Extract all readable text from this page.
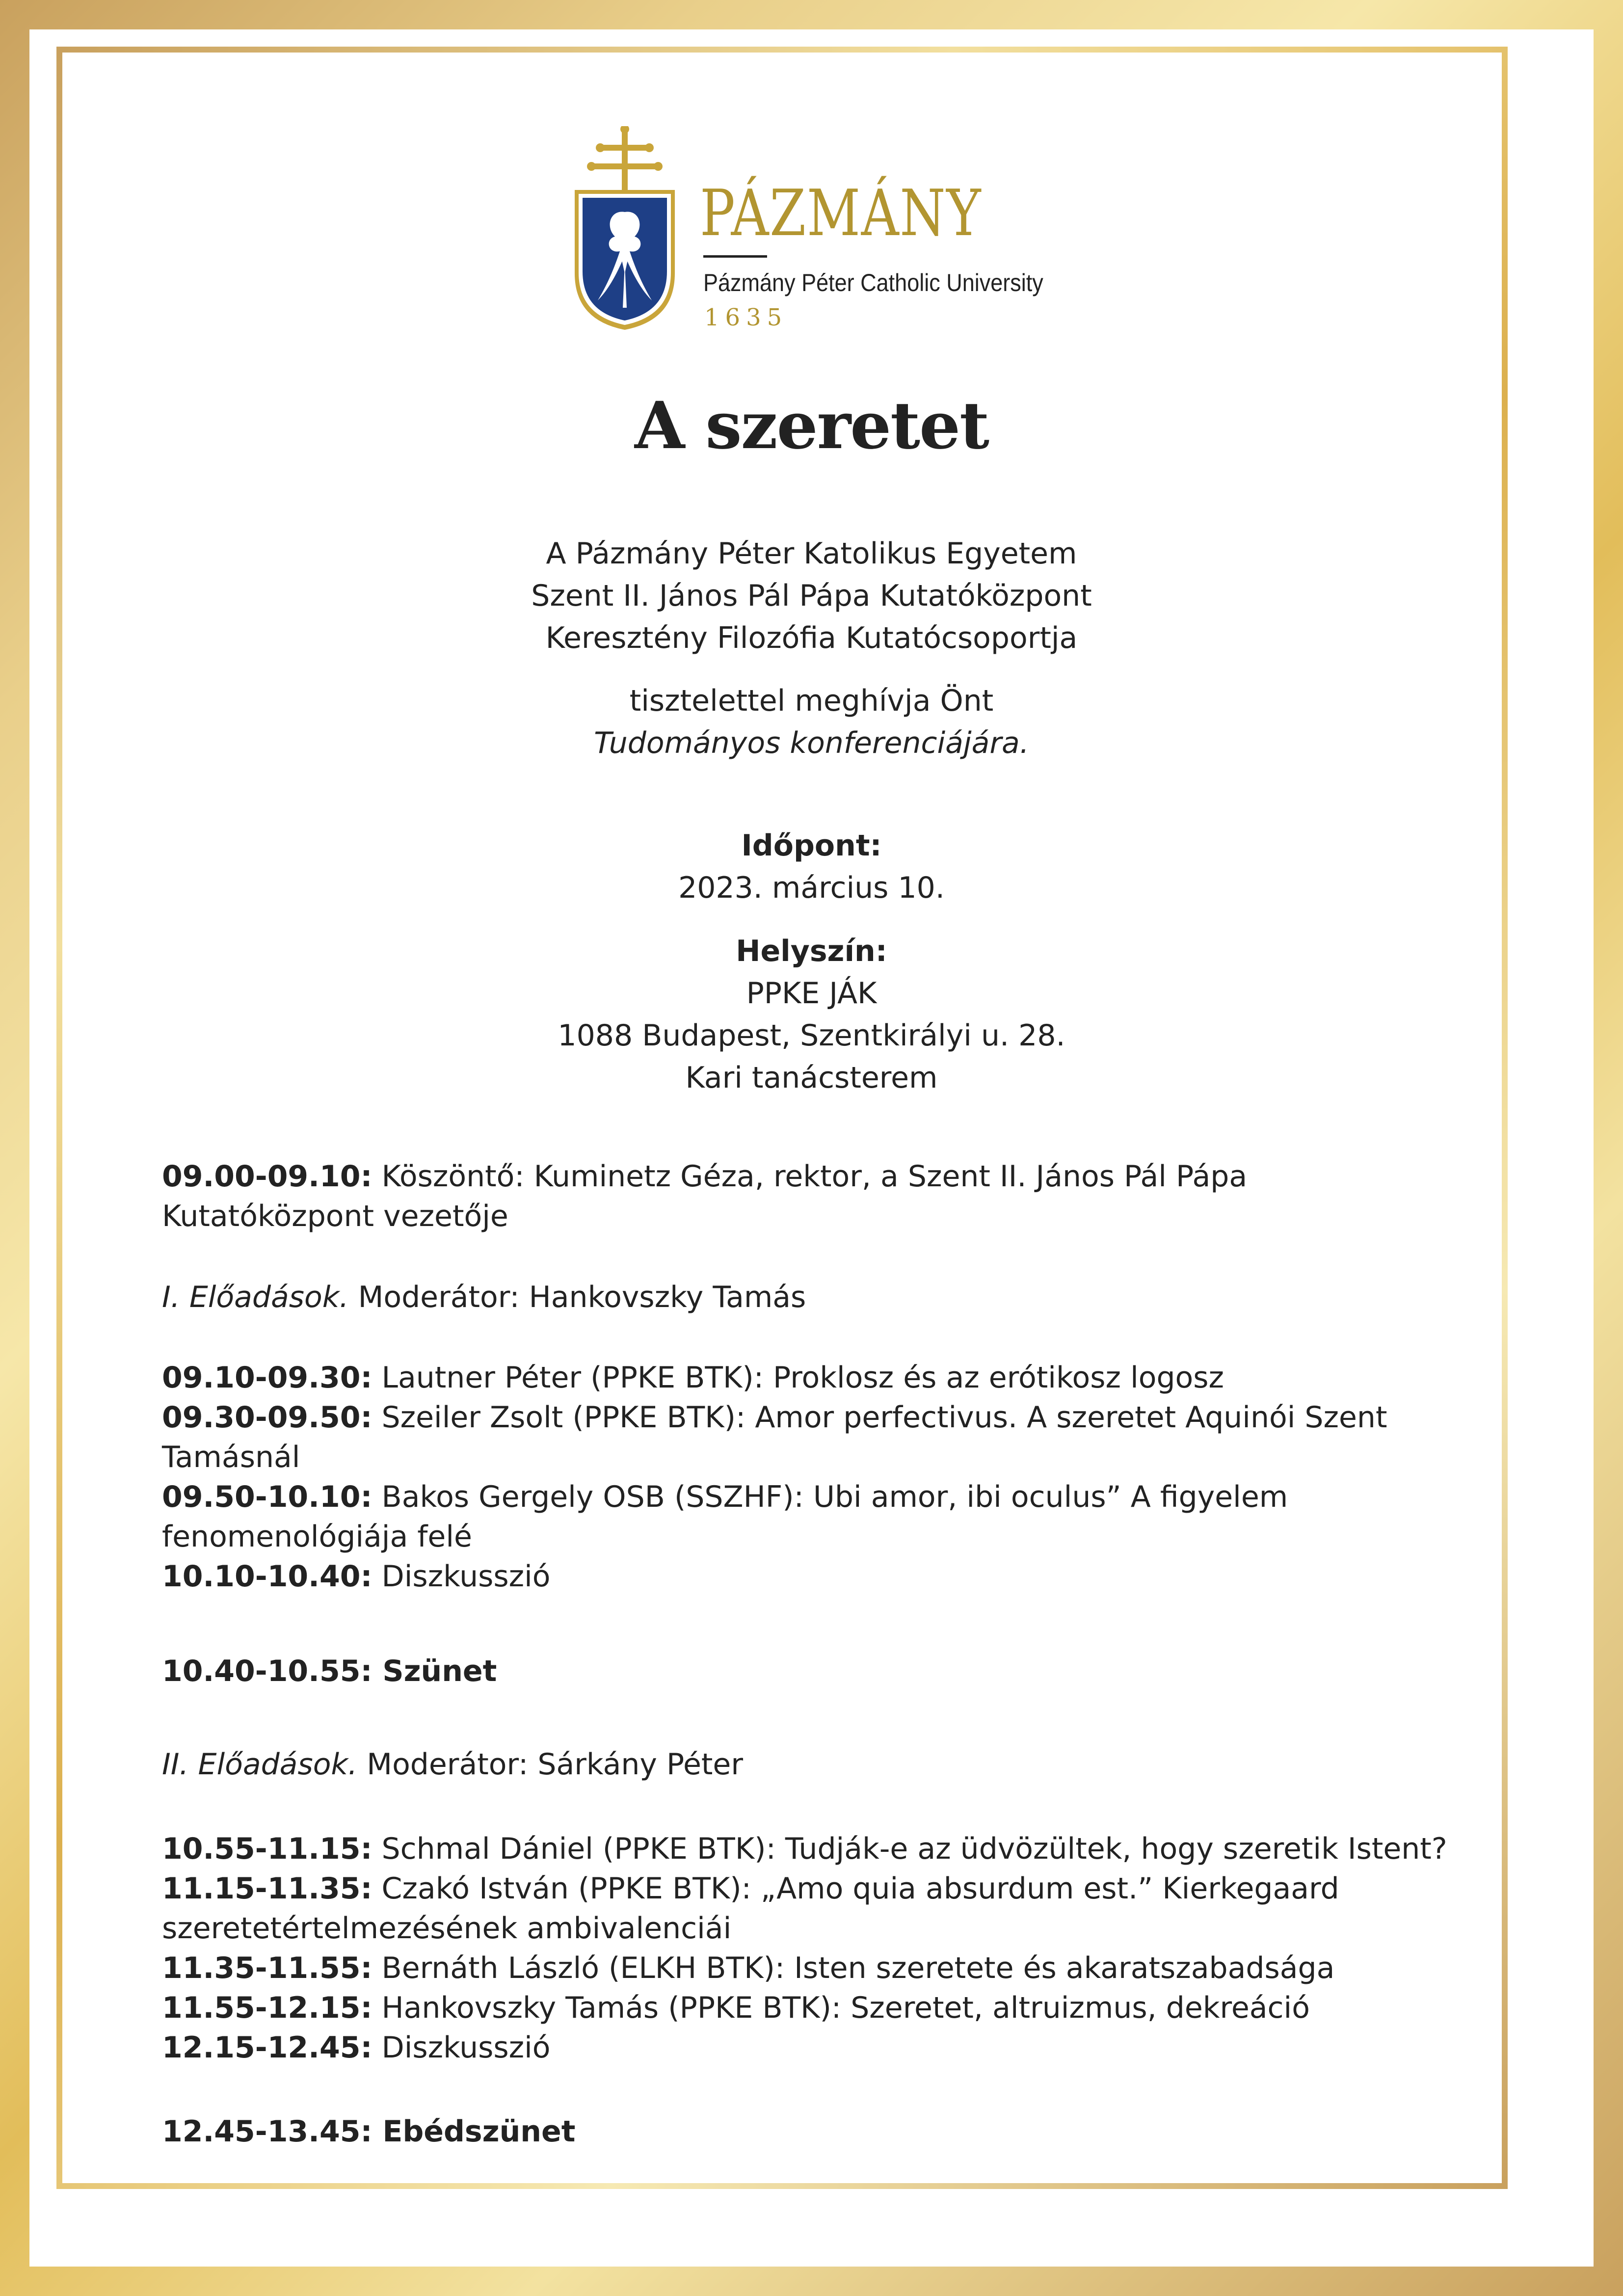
PÁZMÁNY
Pázmány Péter Catholic University
1635
A szeretet
A Pázmány Péter Katolikus Egyetem
Szent II. János Pál Pápa Kutatóközpont
Keresztény Filozófia Kutatócsoportja
tisztelettel meghívja Önt
Tudományos konferenciájára.
Időpont:
2023. március 10.
Helyszín:
PPKE JÁK
1088 Budapest, Szentkirályi u. 28.
Kari tanácsterem
09.00-09.10: Köszöntő: Kuminetz Géza, rektor, a Szent II. János Pál Pápa
Kutatóközpont vezetője
I. Előadások. Moderátor: Hankovszky Tamás
09.10-09.30: Lautner Péter (PPKE BTK): Proklosz és az erótikosz logosz
09.30-09.50: Szeiler Zsolt (PPKE BTK): Amor perfectivus. A szeretet Aquinói Szent
Tamásnál
09.50-10.10: Bakos Gergely OSB (SSZHF): Ubi amor, ibi oculus” A figyelem
fenomenológiája felé
10.10-10.40: Diszkusszió
10.40-10.55: Szünet
II. Előadások. Moderátor: Sárkány Péter
10.55-11.15: Schmal Dániel (PPKE BTK): Tudják-e az üdvözültek, hogy szeretik Istent?
11.15-11.35: Czakó István (PPKE BTK): „Amo quia absurdum est.” Kierkegaard
szeretetértelmezésének ambivalenciái
11.35-11.55: Bernáth László (ELKH BTK): Isten szeretete és akaratszabadsága
11.55-12.15: Hankovszky Tamás (PPKE BTK): Szeretet, altruizmus, dekreáció
12.15-12.45: Diszkusszió
12.45-13.45: Ebédszünet
